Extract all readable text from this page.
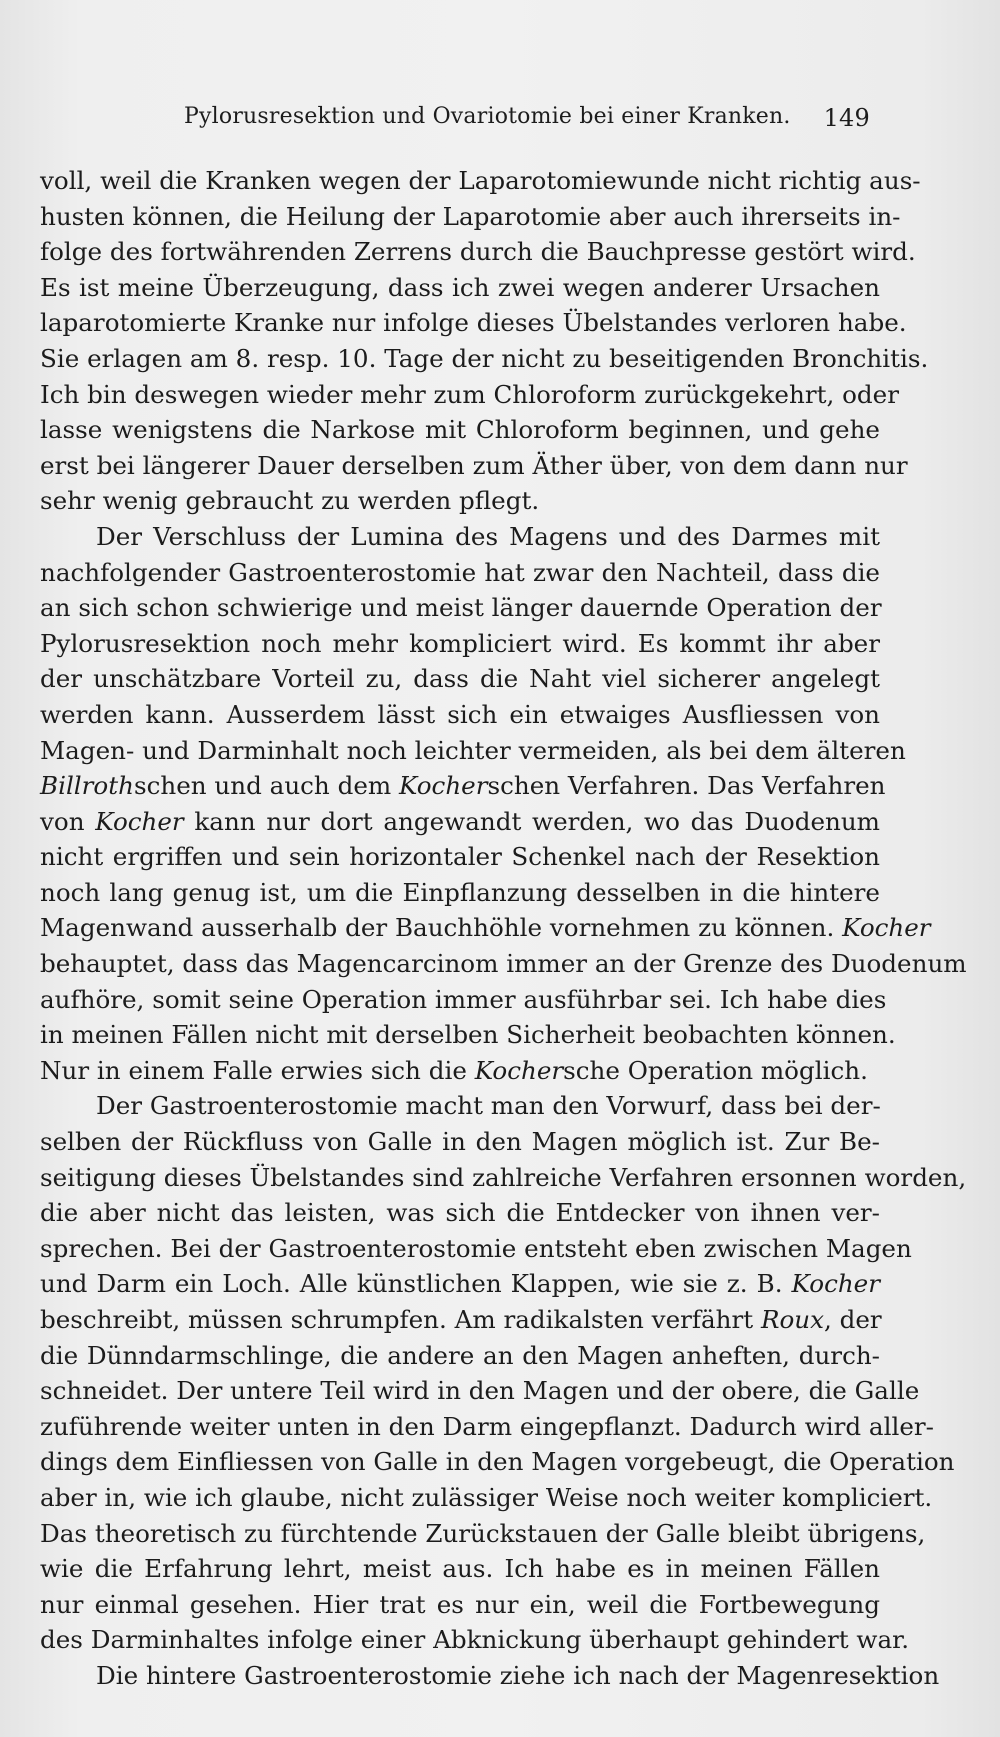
Pylorusresektion und Ovariotomie bei einer Kranken. 149
voll, weil die Kranken wegen der Laparotomiewunde nicht richtig aus-
husten können, die Heilung der Laparotomie aber auch ihrerseits in-
folge des fortwährenden Zerrens durch die Bauchpresse gestört wird.
Es ist meine Überzeugung, dass ich zwei wegen anderer Ursachen
laparotomierte Kranke nur infolge dieses Übelstandes verloren habe.
Sie erlagen am 8. resp. 10. Tage der nicht zu beseitigenden Bronchitis.
Ich bin deswegen wieder mehr zum Chloroform zurückgekehrt, oder
lasse wenigstens die Narkose mit Chloroform beginnen, und gehe
erst bei längerer Dauer derselben zum Äther über, von dem dann nur
sehr wenig gebraucht zu werden pflegt.
Der Verschluss der Lumina des Magens und des Darmes mit
nachfolgender Gastroenterostomie hat zwar den Nachteil, dass die
an sich schon schwierige und meist länger dauernde Operation der
Pylorusresektion noch mehr kompliciert wird. Es kommt ihr aber
der unschätzbare Vorteil zu, dass die Naht viel sicherer angelegt
werden kann. Ausserdem lässt sich ein etwaiges Ausfliessen von
Magen- und Darminhalt noch leichter vermeiden, als bei dem älteren
Billrothschen und auch dem Kocherschen Verfahren. Das Verfahren
von Kocher kann nur dort angewandt werden, wo das Duodenum
nicht ergriffen und sein horizontaler Schenkel nach der Resektion
noch lang genug ist, um die Einpflanzung desselben in die hintere
Magenwand ausserhalb der Bauchhöhle vornehmen zu können. Kocher
behauptet, dass das Magencarcinom immer an der Grenze des Duodenum
aufhöre, somit seine Operation immer ausführbar sei. Ich habe dies
in meinen Fällen nicht mit derselben Sicherheit beobachten können.
Nur in einem Falle erwies sich die Kochersche Operation möglich.
Der Gastroenterostomie macht man den Vorwurf, dass bei der-
selben der Rückfluss von Galle in den Magen möglich ist. Zur Be-
seitigung dieses Übelstandes sind zahlreiche Verfahren ersonnen worden,
die aber nicht das leisten, was sich die Entdecker von ihnen ver-
sprechen. Bei der Gastroenterostomie entsteht eben zwischen Magen
und Darm ein Loch. Alle künstlichen Klappen, wie sie z. B. Kocher
beschreibt, müssen schrumpfen. Am radikalsten verfährt Roux, der
die Dünndarmschlinge, die andere an den Magen anheften, durch-
schneidet. Der untere Teil wird in den Magen und der obere, die Galle
zuführende weiter unten in den Darm eingepflanzt. Dadurch wird aller-
dings dem Einfliessen von Galle in den Magen vorgebeugt, die Operation
aber in, wie ich glaube, nicht zulässiger Weise noch weiter kompliciert.
Das theoretisch zu fürchtende Zurückstauen der Galle bleibt übrigens,
wie die Erfahrung lehrt, meist aus. Ich habe es in meinen Fällen
nur einmal gesehen. Hier trat es nur ein, weil die Fortbewegung
des Darminhaltes infolge einer Abknickung überhaupt gehindert war.
Die hintere Gastroenterostomie ziehe ich nach der Magenresektion
